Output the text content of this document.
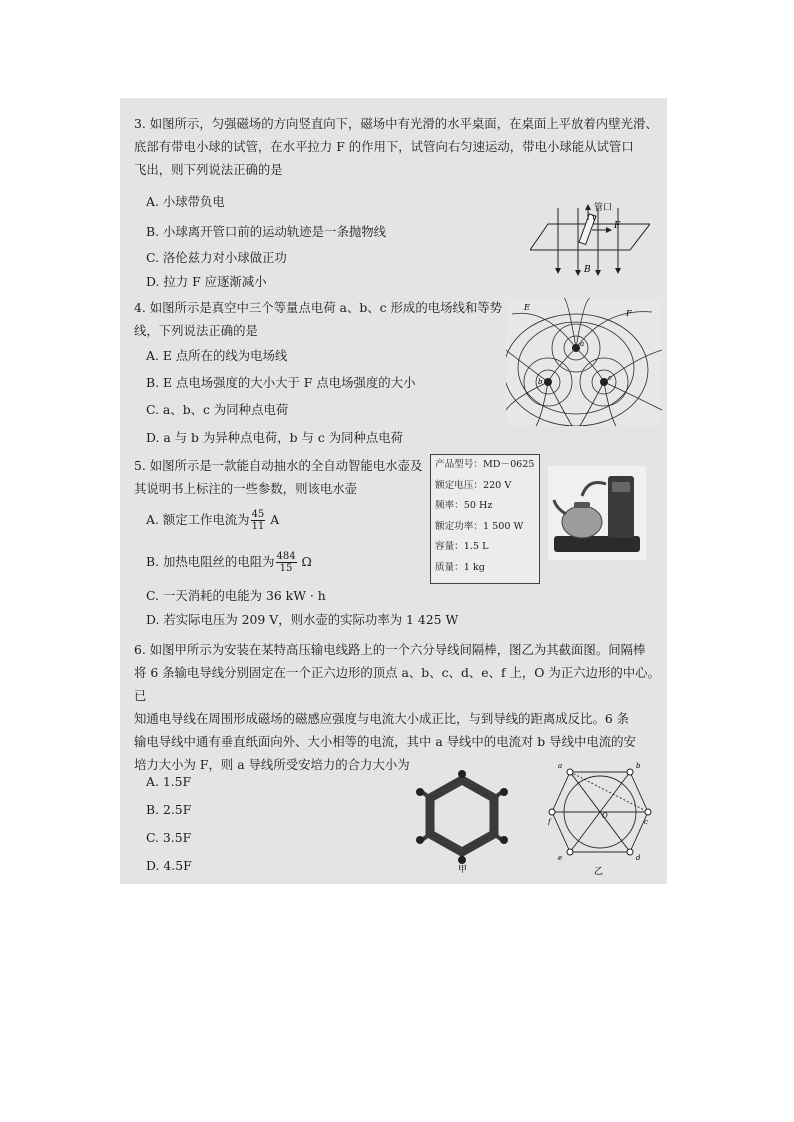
3. 如图所示，匀强磁场的方向竖直向下，磁场中有光滑的水平桌面，在桌面上平放着内壁光滑、
底部有带电小球的试管，在水平拉力 F 的作用下，试管向右匀速运动，带电小球能从试管口
飞出，则下列说法正确的是
A. 小球带负电
B. 小球离开管口前的运动轨迹是一条抛物线
C. 洛伦兹力对小球做正功
D. 拉力 F 应逐渐减小
管口
v
F
B
4. 如图所示是真空中三个等量点电荷 a、b、c 形成的电场线和等势
线，下列说法正确的是
A. E 点所在的线为电场线
B. E 点电场强度的大小大于 F 点电场强度的大小
C. a、b、c 为同种点电荷
D. a 与 b 为异种点电荷，b 与 c 为同种点电荷
E
F
a
b	c
5. 如图所示是一款能自动抽水的全自动智能电水壶及
其说明书上标注的一些参数，则该电水壶
A. 额定工作电流为 $\frac{45}{11}$ A
B. 加热电阻丝的电阻为 $\frac{484}{15}$ Ω
C. 一天消耗的电能为 36 kW · h
D. 若实际电压为 209 V，则水壶的实际功率为 1 425 W
产品型号：MD－0625
额定电压：220 V
频率：50 Hz
额定功率：1 500 W
容量：1.5 L
质量：1 kg
6. 如图甲所示为安装在某特高压输电线路上的一个六分导线间隔棒，图乙为其截面图。间隔棒
将 6 条输电导线分别固定在一个正六边形的顶点 a、b、c、d、e、f 上，O 为正六边形的中心。已
知通电导线在周围形成磁场的磁感应强度与电流大小成正比，与到导线的距离成反比。6 条
输电导线中通有垂直纸面向外、大小相等的电流，其中 a 导线中的电流对 b 导线中电流的安
培力大小为 F，则 a 导线所受安培力的合力大小为
A. 1.5F
B. 2.5F
C. 3.5F
D. 4.5F	甲
a	b
c
d
e
f
O
乙
